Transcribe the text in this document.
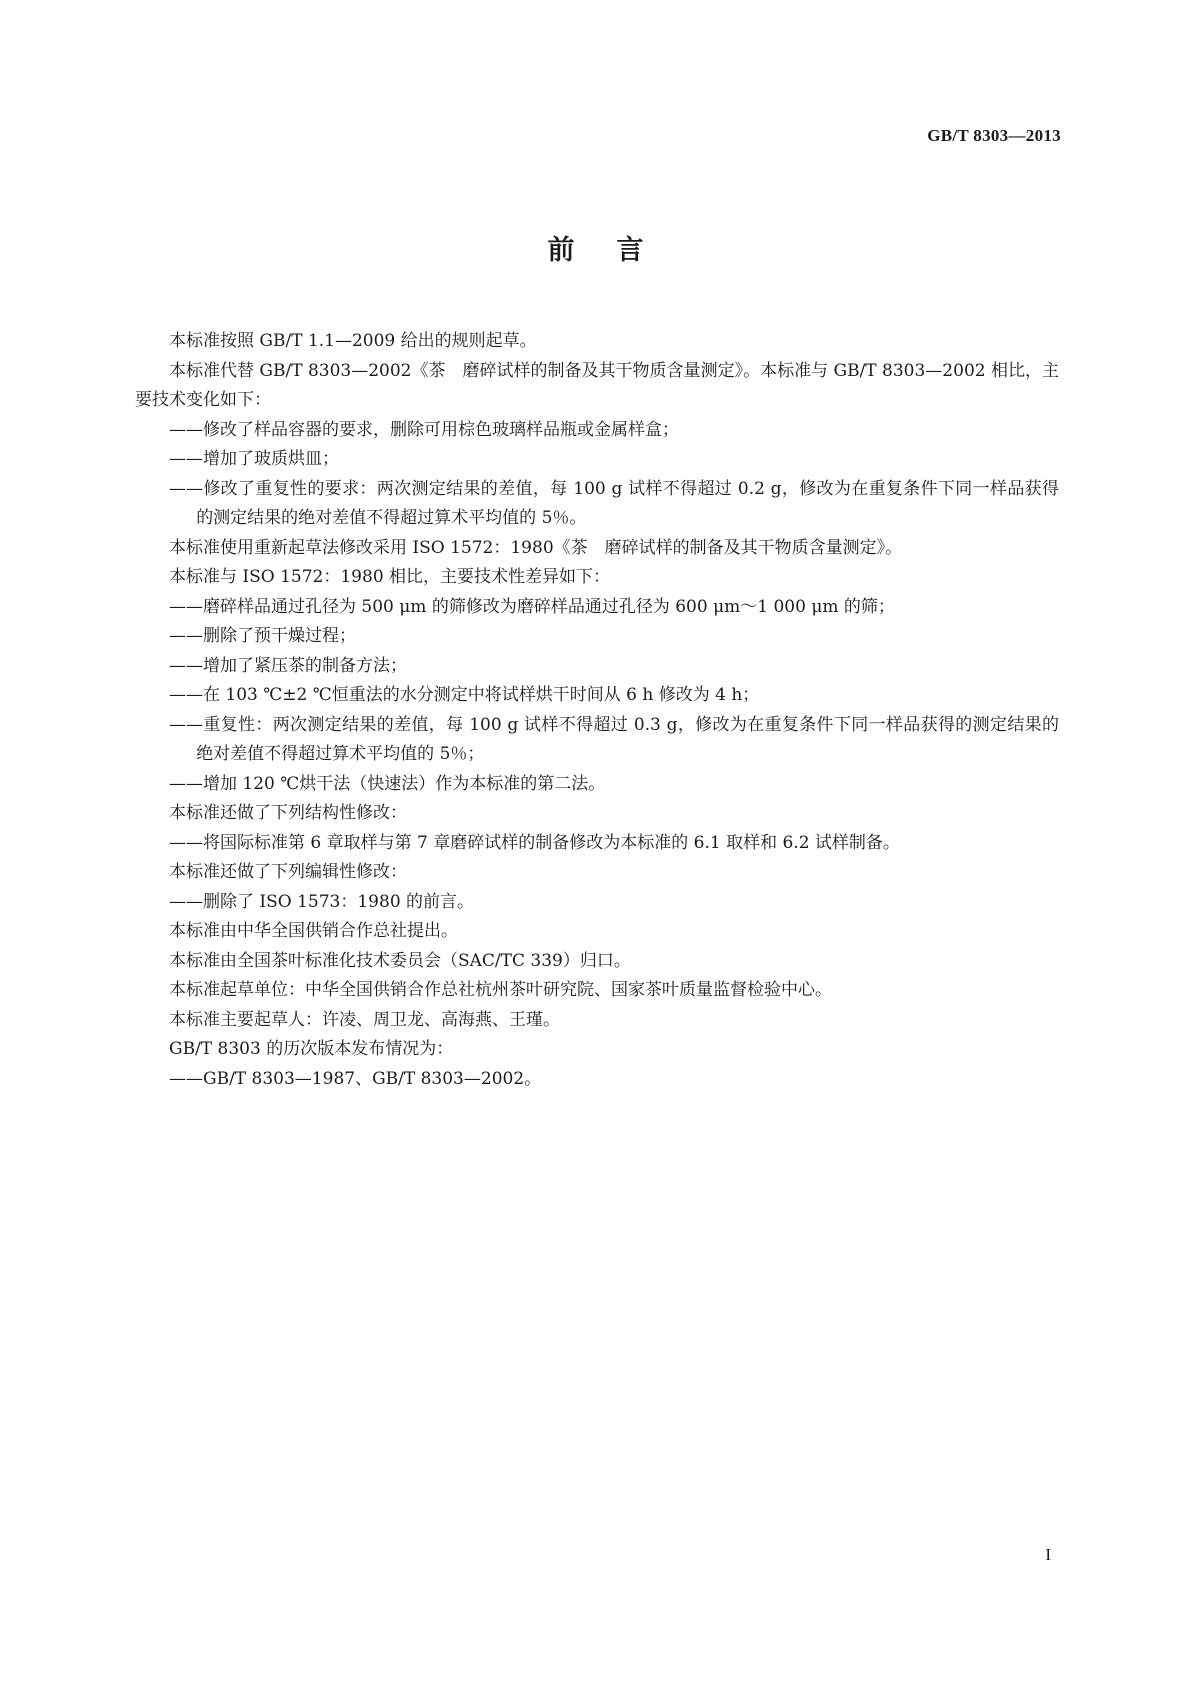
GB/T 8303—2013
前言

本标准按照 GB/T 1.1—2009 给出的规则起草。

本标准代替 GB/T 8303—2002《茶　磨碎试样的制备及其干物质含量测定》。本标准与 GB/T 8303—2002 相比，主要技术变化如下：

——修改了样品容器的要求，删除可用棕色玻璃样品瓶或金属样盒；

——增加了玻质烘皿；

——修改了重复性的要求：两次测定结果的差值，每 100 g 试样不得超过 0.2 g，修改为在重复条件下同一样品获得的测定结果的绝对差值不得超过算术平均值的 5％。

本标准使用重新起草法修改采用 ISO 1572：1980《茶　磨碎试样的制备及其干物质含量测定》。

本标准与 ISO 1572：1980 相比，主要技术性差异如下：

——磨碎样品通过孔径为 500 μm 的筛修改为磨碎样品通过孔径为 600 μm～1 000 μm 的筛；

——删除了预干燥过程；

——增加了紧压茶的制备方法；

——在 103 ℃±2 ℃恒重法的水分测定中将试样烘干时间从 6 h 修改为 4 h；

——重复性：两次测定结果的差值，每 100 g 试样不得超过 0.3 g，修改为在重复条件下同一样品获得的测定结果的绝对差值不得超过算术平均值的 5％；

——增加 120 ℃烘干法（快速法）作为本标准的第二法。

本标准还做了下列结构性修改：

——将国际标准第 6 章取样与第 7 章磨碎试样的制备修改为本标准的 6.1 取样和 6.2 试样制备。

本标准还做了下列编辑性修改：

——删除了 ISO 1573：1980 的前言。

本标准由中华全国供销合作总社提出。

本标准由全国茶叶标准化技术委员会（SAC/TC 339）归口。

本标准起草单位：中华全国供销合作总社杭州茶叶研究院、国家茶叶质量监督检验中心。

本标准主要起草人：许凌、周卫龙、高海燕、王瑾。

GB/T 8303 的历次版本发布情况为：

——GB/T 8303—1987、GB/T 8303—2002。

I
